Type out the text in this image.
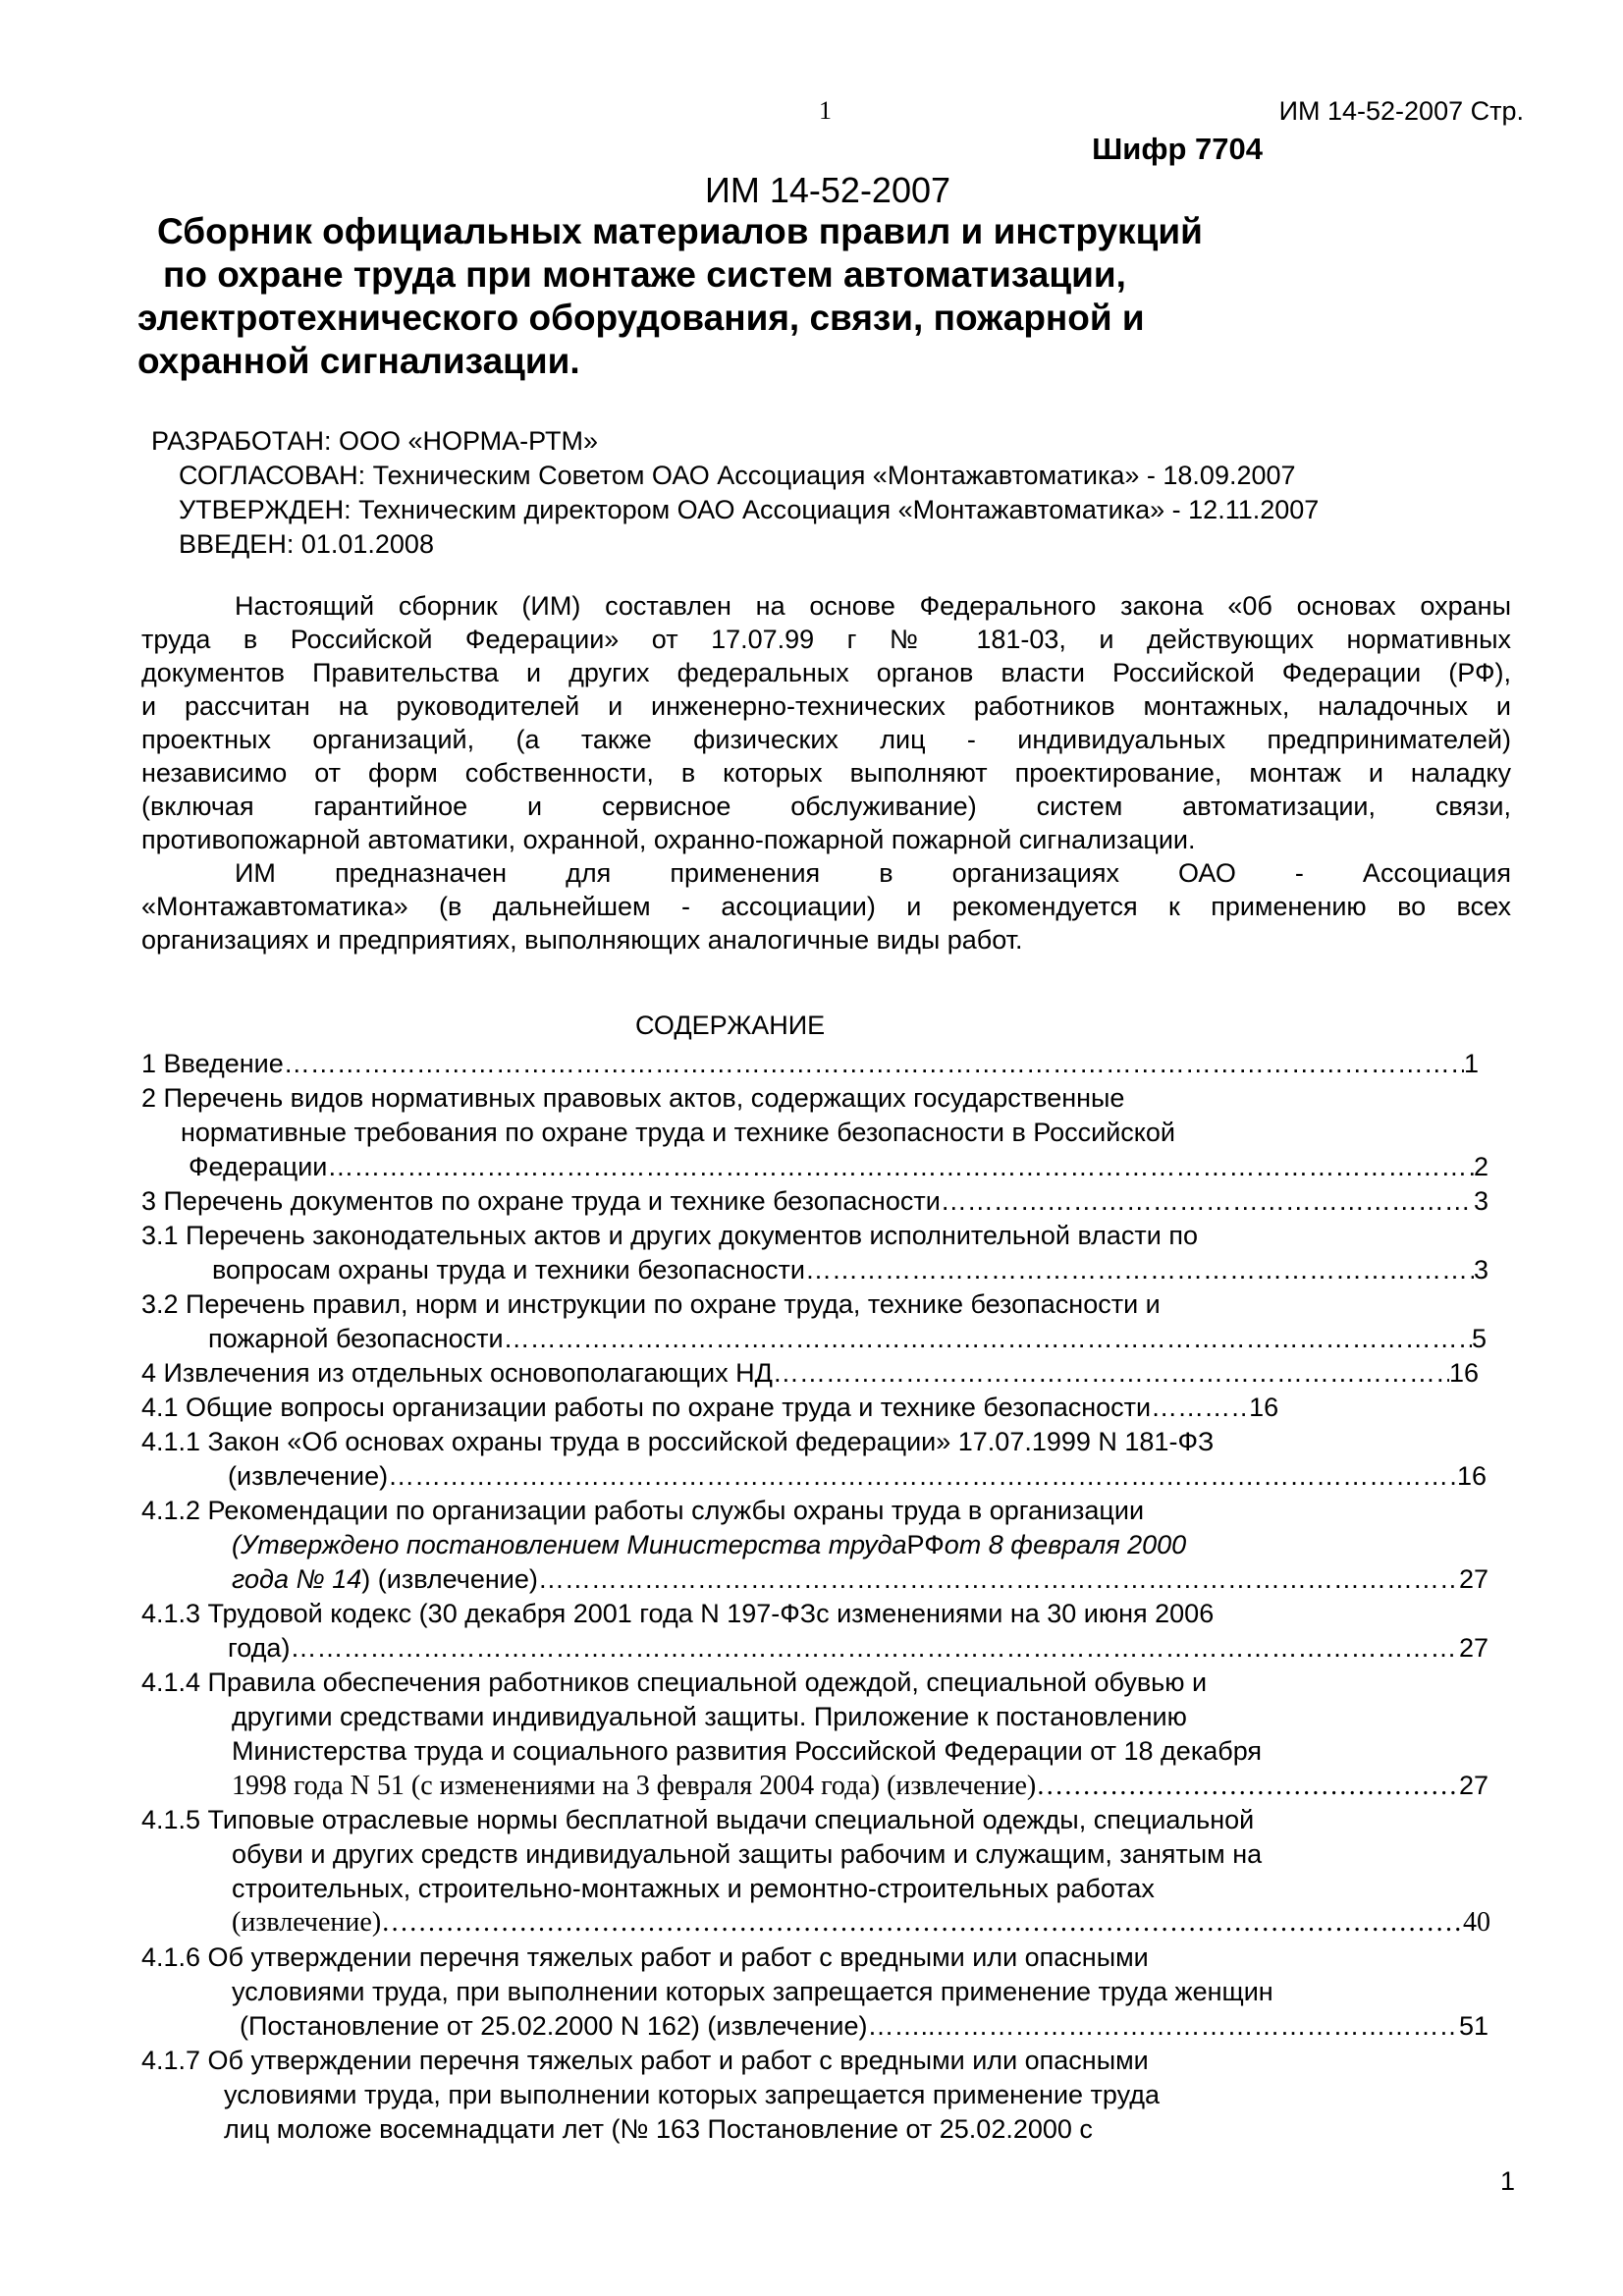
1	ИМ 14-52-2007 Стр.
Шифр 7704
ИМ 14-52-2007
Сборник официальных материалов правил и инструкций
по охране труда при монтаже систем автоматизации,
электротехнического оборудования, связи, пожарной и
охранной сигнализации.
РАЗРАБОТАН: ООО «НОРМА-РТМ»
СОГЛАСОВАН: Техническим Советом ОАО Ассоциация «Монтажавтоматика» - 18.09.2007
УТВЕРЖДЕН: Техническим директором ОАО Ассоциация «Монтажавтоматика» - 12.11.2007
ВВЕДЕН: 01.01.2008

Настоящий сборник (ИМ) составлен на основе Федерального закона «0б основах охраны

труда в Российской Федерации» от 17.07.99 г № 181-03, и действующих нормативных

документов Правительства и других федеральных органов власти Российской Федерации (РФ),

и рассчитан на руководителей и инженерно-технических работников монтажных, наладочных и

проектных организаций, (а также физических лиц - индивидуальных предпринимателей)

независимо от форм собственности, в которых выполняют проектирование, монтаж и наладку

(включая гарантийное и сервисное обслуживание) систем автоматизации, связи,

противопожарной автоматики, охранной, охранно-пожарной пожарной сигнализации.

ИМ предназначен для применения в организациях ОАО - Ассоциация

«Монтажавтоматика» (в дальнейшем - ассоциации) и рекомендуется к применению во всех

организациях и предприятиях, выполняющих аналогичные виды работ.

СОДЕРЖАНИЕ
1 Введение ……………………………………………………………………………………………………………………………………………………………………………………………………………………………………………………	1
2 Перечень видов нормативных правовых актов, содержащих государственные
нормативные требования по охране труда и технике безопасности в Российской
Федерации… ……………………………………………………………………………………………………………………………………………………………………………………………………………………………………………………	2
3 Перечень документов по охране труда и технике безопасности ……………………………………………………………………………………………………………………………………………………………………………………………………………………………………………………	3
3.1 Перечень законодательных актов и других документов исполнительной власти по
вопросам охраны труда и техники безопасности ……………………………………………………………………………………………………………………………………………………………………………………………………………………………………………………	3
3.2 Перечень правил, норм и инструкции по охране труда, технике безопасности и
пожарной безопасности ……………………………………………………………………………………………………………………………………………………………………………………………………………………………………………………	5
4 Извлечения из отдельных основополагающих НД ……………………………………………………………………………………………………………………………………………………………………………………………………………………………………………………	16
4.1 Общие вопросы организации работы по охране труда и технике безопасности ……………………………………………………………………………………………………………………………………………………………………………………………………………………………………………………	16
4.1.1 Закон «Об основах охраны труда в российской федерации» 17.07.1999 N 181-ФЗ
(извлечение) ……………………………………………………………………………………………………………………………………………………………………………………………………………………………………………………	16
4.1.2 Рекомендации по организации работы службы охраны труда в организации
(Утверждено постановлением Министерства труда РФ от 8 февраля 2000
года № 14 ) (извлечение) ……………………………………………………………………………………………………………………………………………………………………………………………………………………………………………………	27
4.1.3 Трудовой кодекс (30 декабря 2001 года N 197-ФЗс изменениями на 30 июня 2006
года) ……………………………………………………………………………………………………………………………………………………………………………………………………………………………………………………	27
4.1.4 Правила обеспечения работников специальной одеждой, специальной обувью и
другими средствами индивидуальной защиты. Приложение к постановлению
Министерства труда и социального развития Российской Федерации от 18 декабря
1998 года N 51 (с изменениями на 3 февраля 2004 года) (извлечение) ……………………………………………………………………………………………………………………………………………………………………………………………………………………………………………………	27
4.1.5 Типовые отраслевые нормы бесплатной выдачи специальной одежды, специальной
обуви и других средств индивидуальной защиты рабочим и служащим, занятым на
строительных, строительно-монтажных и ремонтно-строительных работах
(извлечение) ……………………………………………………………………………………………………………………………………………………………………………………………………………………………………………………	40
4.1.6 Об утверждении перечня тяжелых работ и работ с вредными или опасными
условиями труда, при выполнении которых запрещается применение труда женщин
(Постановление от 25.02.2000 N 162) (извлечение)…….. ……………………………………………………………………………………………………………………………………………………………………………………………………………………………………………………	51
4.1.7 Об утверждении перечня тяжелых работ и работ с вредными или опасными
условиями труда, при выполнении которых запрещается применение труда
лиц моложе восемнадцати лет (№ 163 Постановление от 25.02.2000 с
1
